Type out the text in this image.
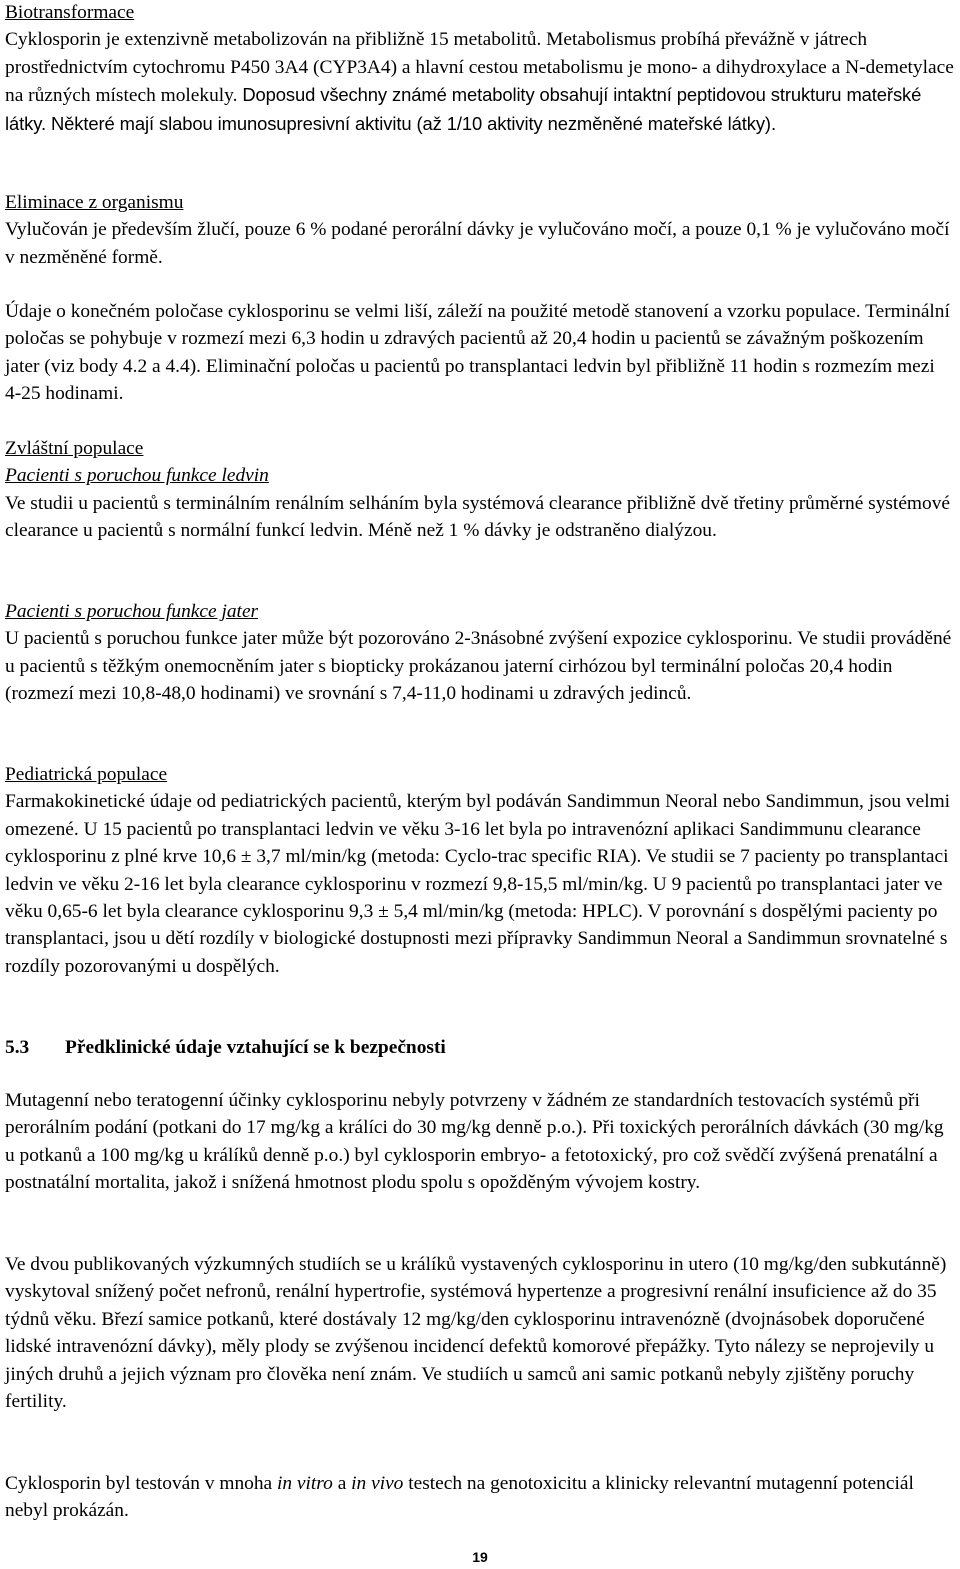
Biotransformace

Cyklosporin je extenzivně metabolizován na přibližně 15 metabolitů. Metabolismus probíhá převážně v játrech prostřednictvím cytochromu P450 3A4 (CYP3A4) a hlavní cestou metabolismu je mono- a dihydroxylace a N-demetylace na různých místech molekuly. Doposud všechny známé metabolity obsahují intaktní peptidovou strukturu mateřské látky. Některé mají slabou imunosupresivní aktivitu (až 1/10 aktivity nezměněné mateřské látky).

Eliminace z organismu

Vylučován je především žlučí, pouze 6 % podané perorální dávky je vylučováno močí, a pouze 0,1 % je vylučováno močí v nezměněné formě.

Údaje o konečném poločase cyklosporinu se velmi liší, záleží na použité metodě stanovení a vzorku populace. Terminální poločas se pohybuje v rozmezí mezi 6,3 hodin u zdravých pacientů až 20,4 hodin u pacientů se závažným poškozením jater (viz body 4.2 a 4.4). Eliminační poločas u pacientů po transplantaci ledvin byl přibližně 11 hodin s rozmezím mezi 4-25 hodinami.

Zvláštní populace

Pacienti s poruchou funkce ledvin

Ve studii u pacientů s terminálním renálním selháním byla systémová clearance přibližně dvě třetiny průměrné systémové clearance u pacientů s normální funkcí ledvin. Méně než 1 % dávky je odstraněno dialýzou.

Pacienti s poruchou funkce jater

U pacientů s poruchou funkce jater může být pozorováno 2-3násobné zvýšení expozice cyklosporinu. Ve studii prováděné u pacientů s těžkým onemocněním jater s biopticky prokázanou jaterní cirhózou byl terminální poločas 20,4 hodin (rozmezí mezi 10,8-48,0 hodinami) ve srovnání s 7,4-11,0 hodinami u zdravých jedinců.

Pediatrická populace

Farmakokinetické údaje od pediatrických pacientů, kterým byl podáván Sandimmun Neoral nebo Sandimmun, jsou velmi omezené. U 15 pacientů po transplantaci ledvin ve věku 3-16 let byla po intravenózní aplikaci Sandimmunu clearance cyklosporinu z plné krve 10,6 ± 3,7 ml/min/kg (metoda: Cyclo-trac specific RIA). Ve studii se 7 pacienty po transplantaci ledvin ve věku 2-16 let byla clearance cyklosporinu v rozmezí 9,8-15,5 ml/min/kg. U 9 pacientů po transplantaci jater ve věku 0,65-6 let byla clearance cyklosporinu 9,3 ± 5,4 ml/min/kg (metoda: HPLC). V porovnání s dospělými pacienty po transplantaci, jsou u dětí rozdíly v biologické dostupnosti mezi přípravky Sandimmun Neoral a Sandimmun srovnatelné s rozdíly pozorovanými u dospělých.

5.3 Předklinické údaje vztahující se k bezpečnosti

Mutagenní nebo teratogenní účinky cyklosporinu nebyly potvrzeny v žádném ze standardních testovacích systémů při perorálním podání (potkani do 17 mg/kg a králíci do 30 mg/kg denně p.o.). Při toxických perorálních dávkách (30 mg/kg u potkanů a 100 mg/kg u králíků denně p.o.) byl cyklosporin embryo- a fetotoxický, pro což svědčí zvýšená prenatální a postnatální mortalita, jakož i snížená hmotnost plodu spolu s opožděným vývojem kostry.

Ve dvou publikovaných výzkumných studiích se u králíků vystavených cyklosporinu in utero (10 mg/kg/den subkutánně) vyskytoval snížený počet nefronů, renální hypertrofie, systémová hypertenze a progresivní renální insuficience až do 35 týdnů věku. Březí samice potkanů, které dostávaly 12 mg/kg/den cyklosporinu intravenózně (dvojnásobek doporučené lidské intravenózní dávky), měly plody se zvýšenou incidencí defektů komorové přepážky. Tyto nálezy se neprojevily u jiných druhů a jejich význam pro člověka není znám. Ve studiích u samců ani samic potkanů nebyly zjištěny poruchy fertility.

Cyklosporin byl testován v mnoha in vitro a in vivo testech na genotoxicitu a klinicky relevantní mutagenní potenciál nebyl prokázán.

19
